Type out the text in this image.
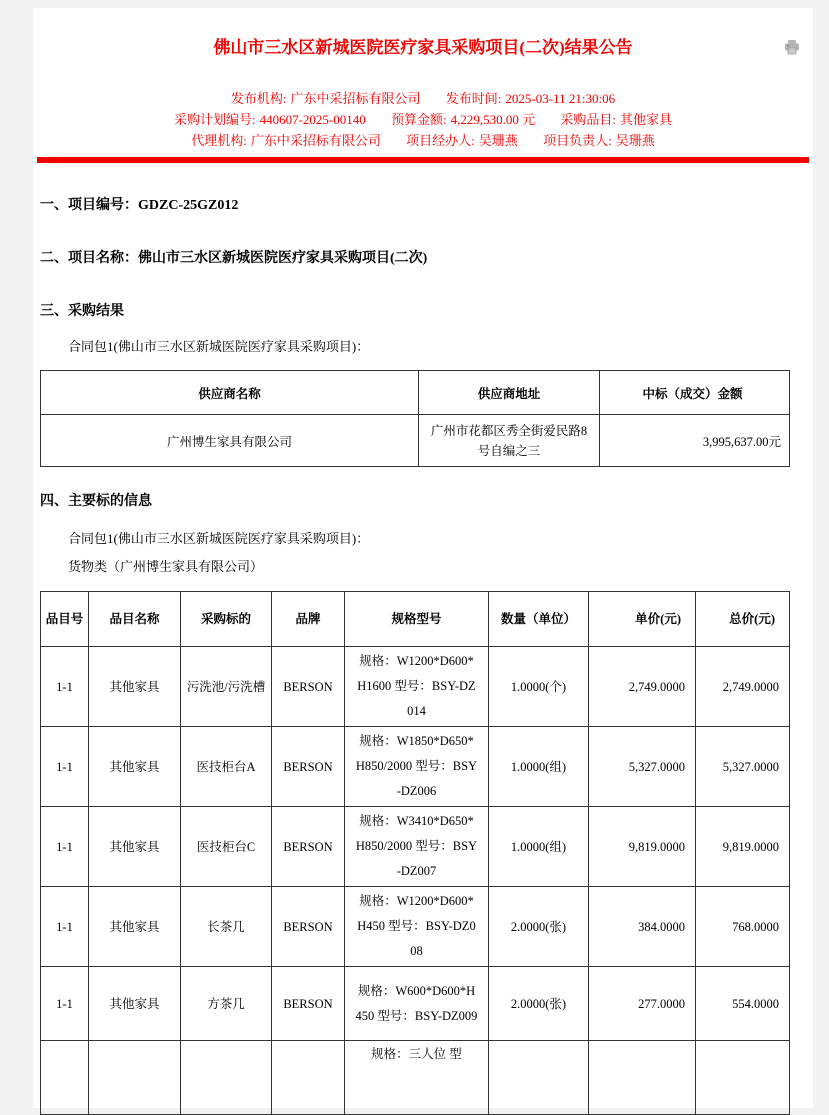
佛山市三水区新城医院医疗家具采购项目(二次)结果公告
发布机构: 广东中采招标有限公司 发布时间: 2025-03-11 21:30:06
采购计划编号: 440607-2025-00140 预算金额: 4,229,530.00 元 采购品目: 其他家具
代理机构: 广东中采招标有限公司 项目经办人: 吴珊燕 项目负责人: 吴珊燕
一、项目编号：GDZC-25GZ012
二、项目名称：佛山市三水区新城医院医疗家具采购项目(二次)
三、采购结果
合同包1(佛山市三水区新城医院医疗家具采购项目)：
供应商名称	供应商地址	中标（成交）金额
广州博生家具有限公司	广州市花都区秀全街爱民路8号自编之三	3,995,637.00元
四、主要标的信息
合同包1(佛山市三水区新城医院医疗家具采购项目)：
货物类（广州博生家具有限公司）
品目号	品目名称	采购标的	品牌	规格型号	数量（单位）	单价(元)	总价(元)
1-1	其他家具	污洗池/污洗槽	BERSON	规格：W1200*D600*H1600 型号：BSY-DZ014	1.0000(个)	2,749.0000	2,749.0000
1-1	其他家具	医技柜台A	BERSON	规格：W1850*D650*H850/2000 型号：BSY-DZ006	1.0000(组)	5,327.0000	5,327.0000
1-1	其他家具	医技柜台C	BERSON	规格：W3410*D650*H850/2000 型号：BSY-DZ007	1.0000(组)	9,819.0000	9,819.0000
1-1	其他家具	长茶几	BERSON	规格：W1200*D600*H450 型号：BSY-DZ008	2.0000(张)	384.0000	768.0000
1-1	其他家具	方茶几	BERSON	规格：W600*D600*H450 型号：BSY-DZ009	2.0000(张)	277.0000	554.0000
				规格：三人位 型			
